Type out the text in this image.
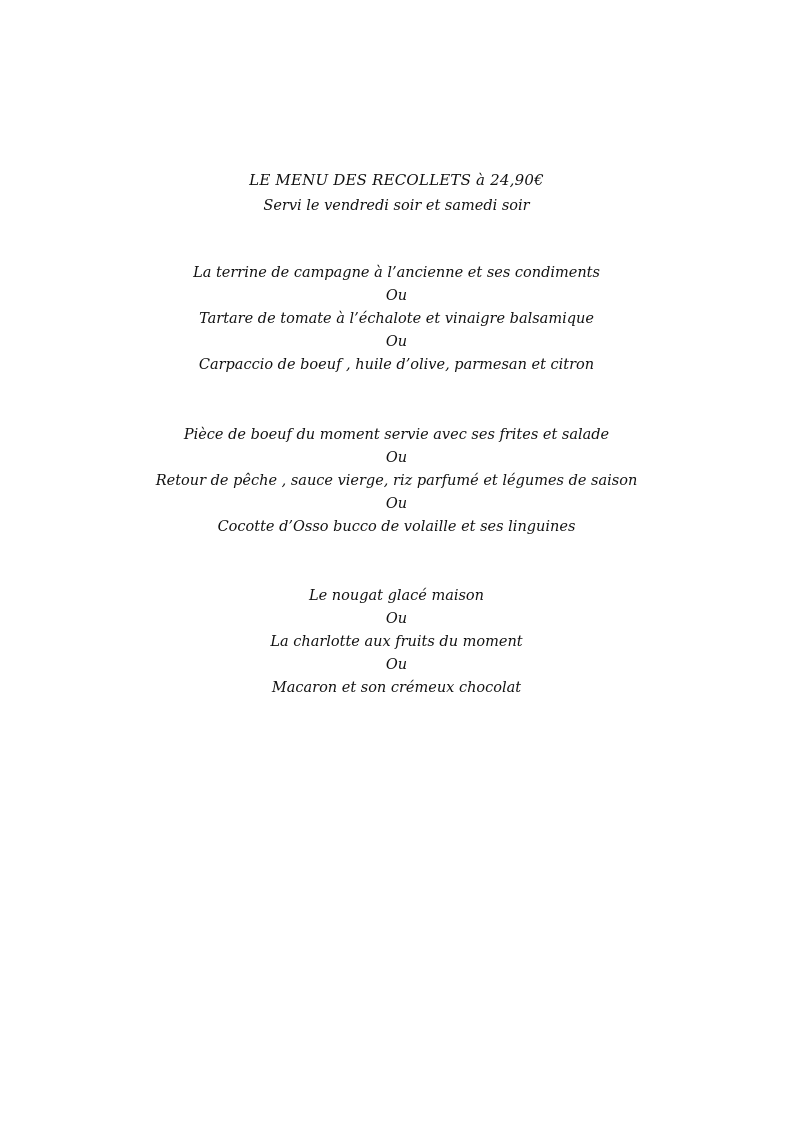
LE MENU DES RECOLLETS à 24,90€
Servi le vendredi soir et samedi soir
La terrine de campagne à l’ancienne et ses condiments
Ou
Tartare de tomate à l’échalote et vinaigre balsamique
Ou
Carpaccio de boeuf , huile d’olive, parmesan et citron
Pièce de boeuf du moment servie avec ses frites et salade
Ou
Retour de pêche , sauce vierge, riz parfumé et légumes de saison
Ou
Cocotte d’Osso bucco de volaille et ses linguines
Le nougat glacé maison
Ou
La charlotte aux fruits du moment
Ou
Macaron et son crémeux chocolat
